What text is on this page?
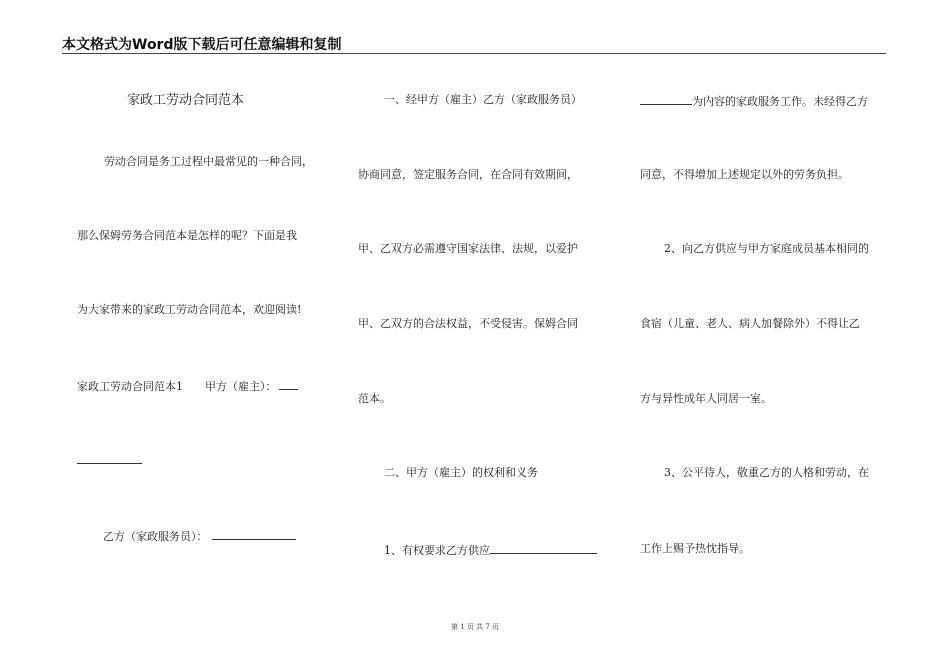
本文格式为Word版下载后可任意编辑和复制
家政工劳动合同范本
劳动合同是务工过程中最常见的一种合同，
那么保姆劳务合同范本是怎样的呢？下面是我
为大家带来的家政工劳动合同范本，欢迎阅读!
家政工劳动合同范本1　　甲方（雇主）：
乙方（家政服务员）：
一、经甲方（雇主）乙方（家政服务员）
协商同意，签定服务合同，在合同有效期间，
甲、乙双方必需遵守国家法律、法规，以爱护
甲、乙双方的合法权益，不受侵害。保姆合同
范本。
二、甲方（雇主）的权利和义务
1、有权要求乙方供应
为内容的家政服务工作。未经得乙方
同意，不得增加上述规定以外的劳务负担。
2、向乙方供应与甲方家庭成员基本相同的
食宿（儿童、老人、病人加餐除外）不得让乙
方与异性成年人同居一室。
3、公平待人，敬重乙方的人格和劳动，在
工作上赐予热忱指导。
第 1 页 共 7 页
